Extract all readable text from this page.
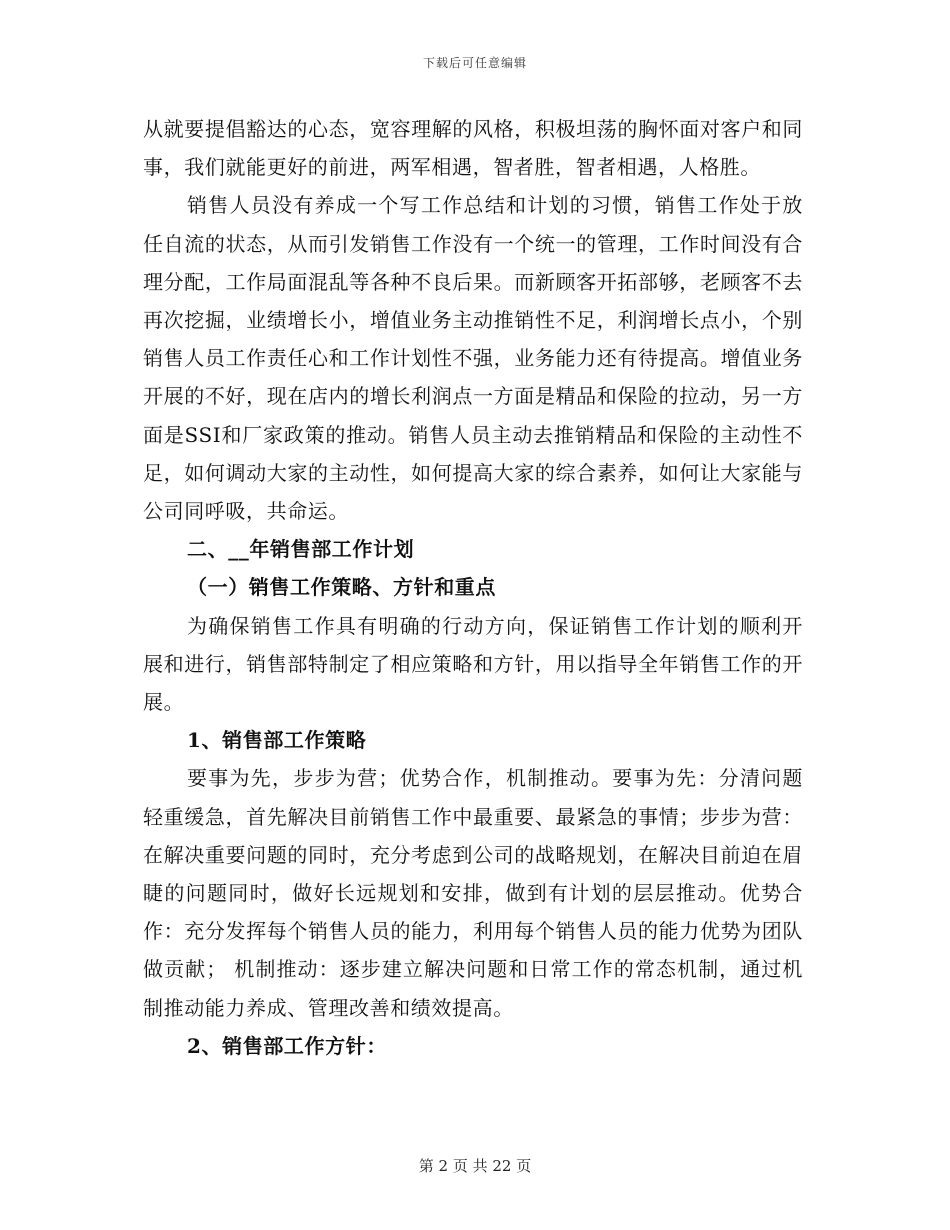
下载后可任意编辑

从就要提倡豁达的心态，宽容理解的风格，积极坦荡的胸怀面对客户和同事，我们就能更好的前进，两军相遇，智者胜，智者相遇，人格胜。

销售人员没有养成一个写工作总结和计划的习惯，销售工作处于放任自流的状态，从而引发销售工作没有一个统一的管理，工作时间没有合理分配，工作局面混乱等各种不良后果。而新顾客开拓部够，老顾客不去再次挖掘，业绩增长小，增值业务主动推销性不足，利润增长点小，个别销售人员工作责任心和工作计划性不强，业务能力还有待提高。增值业务开展的不好，现在店内的增长利润点一方面是精品和保险的拉动，另一方面是SSI和厂家政策的推动。销售人员主动去推销精品和保险的主动性不足，如何调动大家的主动性，如何提高大家的综合素养，如何让大家能与公司同呼吸，共命运。

二、__年销售部工作计划

（一）销售工作策略、方针和重点

为确保销售工作具有明确的行动方向，保证销售工作计划的顺利开展和进行，销售部特制定了相应策略和方针，用以指导全年销售工作的开展。

1、销售部工作策略

要事为先，步步为营；优势合作，机制推动。要事为先：分清问题轻重缓急，首先解决目前销售工作中最重要、最紧急的事情；步步为营：在解决重要问题的同时，充分考虑到公司的战略规划，在解决目前迫在眉睫的问题同时，做好长远规划和安排，做到有计划的层层推动。优势合作：充分发挥每个销售人员的能力，利用每个销售人员的能力优势为团队做贡献； 机制推动：逐步建立解决问题和日常工作的常态机制，通过机制推动能力养成、管理改善和绩效提高。

2、销售部工作方针：

第 2 页 共 22 页
